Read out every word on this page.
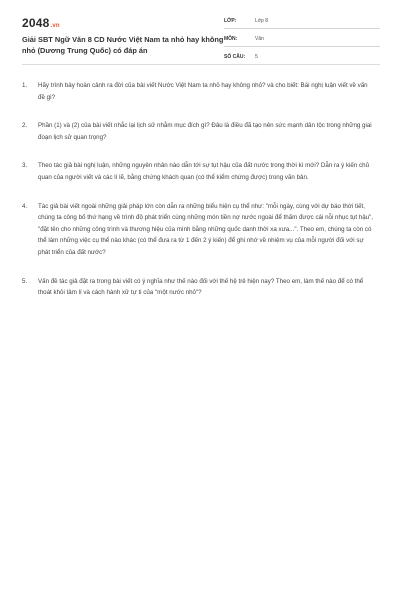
2048.vn
Giải SBT Ngữ Văn 8 CD Nước Việt Nam ta nhỏ hay không nhỏ (Dương Trung Quốc) có đáp án
LỚP:	Lớp 8
MÔN:	Văn
SỐ CÂU:	5
1.	Hãy trình bày hoàn cảnh ra đời của bài viết Nước Việt Nam ta nhỏ hay không nhỏ? và cho biết: Bài nghị luận viết về vấn đề gì?
2.	Phần (1) và (2) của bài viết nhắc lại lịch sử nhằm mục đích gì? Đâu là điều đã tạo nên sức mạnh dân tộc trong những giai đoạn lịch sử quan trọng?
3.	Theo tác giả bài nghị luận, những nguyên nhân nào dẫn tới sự tụt hậu của đất nước trong thời kì mới? Dẫn ra ý kiến chủ quan của người viết và các lí lẽ, bằng chứng khách quan (có thể kiểm chứng được) trong văn bản.
4.	Tác giả bài viết ngoài những giải pháp lớn còn dẫn ra những biểu hiện cụ thể như: "mỗi ngày, cùng với dự báo thời tiết, chúng ta công bố thứ hạng về trình độ phát triển cùng những món tiền nợ nước ngoài để thấm được cái nỗi nhục tụt hậu", "đặt tên cho những công trình và thương hiệu của mình bằng những quốc danh thời xa xưa...". Theo em, chúng ta còn có thể làm những việc cụ thể nào khác (có thể đưa ra từ 1 đến 2 ý kiến) để ghi nhớ về nhiệm vụ của mỗi người đối với sự phát triển của đất nước?
5.	Vấn đề tác giả đặt ra trong bài viết có ý nghĩa như thế nào đối với thế hệ trẻ hiện nay? Theo em, làm thế nào để có thể thoát khỏi tâm lí và cách hành xử tự ti của "một nước nhỏ"?
